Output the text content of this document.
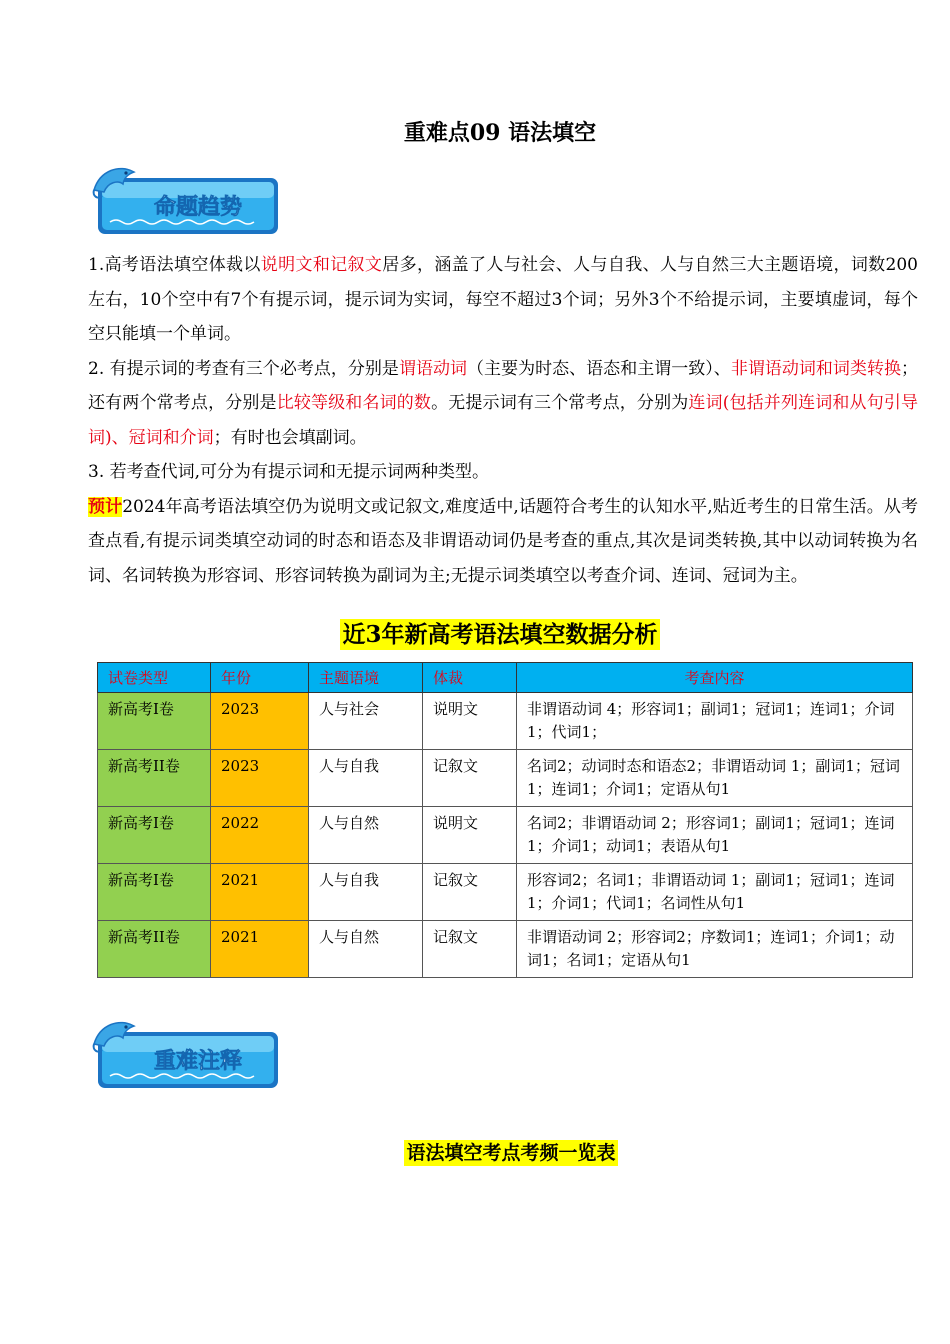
重难点09 语法填空
命题趋势

1.高考语法填空体裁以说明文和记叙文居多，涵盖了人与社会、人与自我、人与自然三大主题语境，词数200左右，10个空中有7个有提示词，提示词为实词，每空不超过3个词；另外3个不给提示词，主要填虚词，每个空只能填一个单词。

2. 有提示词的考查有三个必考点，分别是谓语动词（主要为时态、语态和主谓一致）、非谓语动词和词类转换；还有两个常考点，分别是比较等级和名词的数。无提示词有三个常考点，分别为连词(包括并列连词和从句引导词)、冠词和介词；有时也会填副词。

3. 若考查代词,可分为有提示词和无提示词两种类型。

预计2024年高考语法填空仍为说明文或记叙文,难度适中,话题符合考生的认知水平,贴近考生的日常生活。从考查点看,有提示词类填空动词的时态和语态及非谓语动词仍是考查的重点,其次是词类转换,其中以动词转换为名词、名词转换为形容词、形容词转换为副词为主;无提示词类填空以考查介词、连词、冠词为主。

近3年新高考语法填空数据分析
试卷类型	年份	主题语境	体裁	考查内容
新高考I卷	2023	人与社会	说明文	非谓语动词 4；形容词1；副词1；冠词1；连词1；介词1；代词1；
新高考II卷	2023	人与自我	记叙文	名词2；动词时态和语态2；非谓语动词 1；副词1；冠词1；连词1；介词1；定语从句1
新高考I卷	2022	人与自然	说明文	名词2；非谓语动词 2；形容词1；副词1；冠词1；连词1；介词1；动词1；表语从句1
新高考I卷	2021	人与自我	记叙文	形容词2；名词1；非谓语动词 1；副词1；冠词1；连词1；介词1；代词1；名词性从句1
新高考II卷	2021	人与自然	记叙文	非谓语动词 2；形容词2；序数词1；连词1；介词1；动词1；名词1；定语从句1
重难注释
语法填空考点考频一览表
